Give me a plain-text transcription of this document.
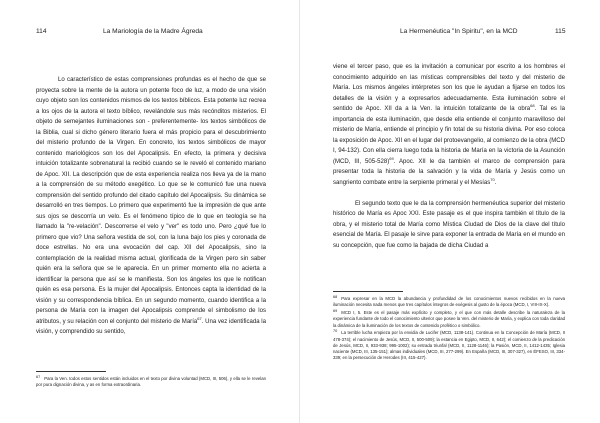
114	La Mariología de la Madre Ágreda

Lo característico de estas comprensiones profundas es el hecho de que se proyecta sobre la mente de la autora un potente foco de luz, a modo de una visión cuyo objeto son los contenidos mismos de los textos bíblicos. Esta potente luz recrea a los ojos de la autora el texto bíblico, revelándole sus más recónditos misterios. El objeto de semejantes iluminaciones son - preferentemente- los textos simbólicos de la Biblia, cual si dicho género literario fuera el más propicio para el descubrimiento del misterio profundo de la Virgen. En concreto, los textos simbólicos de mayor contenido mariológicos son los del Apocalipsis. En efecto, la primera y decisiva intuición totalizante sobrenatural la recibió cuando se le reveló el contenido mariano de Apoc. XII. La descripción que de esta experiencia realiza nos lleva ya de la mano a la comprensión de su método exegético. Lo que se le comunicó fue una nueva comprensión del sentido profundo del citado capítulo del Apocalipsis. Su dinámica se desarrolló en tres tiempos. Lo primero que experimentó fue la impresión de que ante sus ojos se descorría un velo. Es el fenómeno típico de lo que en teología se ha llamado la "re-velación". Descorrerse el velo y "ver" es todo uno. Pero ¿qué fue lo primero que vio? Una señora vestida de sol, con la luna bajo los pies y coronada de doce estrellas. No era una evocación del cap. XII del Apocalipsis, sino la contemplación de la realidad misma actual, glorificada de la Virgen pero sin saber quién era la señora que se le aparecía. En un primer momento ella no acierta a identificar la persona que así se le manifiesta. Son los ángeles los que le notifican quién es esa persona. Es la mujer del Apocalipsis. Entonces capta la identidad de la visión y su correspondencia bíblica. En un segundo momento, cuando identifica a la persona de María con la imagen del Apocalipsis comprende el simbolismo de los atributos, y su relación con el conjunto del misterio de María$^{67}$. Una vez identificada la visión, y comprendido su sentido,

67 Para la Ven. todos estos sentidos están incluidos en el texto por divina voluntad (MCD, III, 506), y ella se le revelan por pura dignación divina, y as en forma extraordinaria.

La Hermenéutica "In Spiritu", en la MCD	115

viene el tercer paso, que es la invitación a comunicar por escrito a los hombres el conocimiento adquirido en las místicas comprensibles del texto y del misterio de María. Los mismos ángeles intérpretes son los que le ayudan a fijarse en todos los detalles de la visión y a expresarlos adecuadamente. Esta iluminación sobre el sentido de Apoc. XII da a la Ven. la intuición totalizante de la obra$^{68}$. Tal es la importancia de esta iluminación, que desde ella entiende el conjunto maravilloso del misterio de María, entiende el principio y fin total de su historia divina. Por eso coloca la exposición de Apoc. XII en el lugar del protoevangelio, al comienzo de la obra (MCD I, 94-132). Con ella cierra luego toda la historia de María en la victoria de la Asunción (MCD, III, 505-528)$^{69}$. Apoc. XII le da también el marco de comprensión para presentar toda la historia de la salvación y la vida de María y Jesús como un sangriento combate entre la serpiente primeral y el Mesías$^{70}$.

El segundo texto que le da la comprensión hermenéutica superior del misterio histórico de María es Apoc XXI. Este pasaje es el que inspira también el título de la obra, y el misterio total de María como Mística Ciudad de Dios de la clave del título esencial de María. El pasaje le sirve para exponer la entrada de María en el mundo en su concepción, que fue como la bajada de dicha Ciudad a

68 Para expresar en la MCD la abundancia y profundidad de los conocimientos nuevos recibidos en la nueva iluminación necesita nada menos que tres capítulos íntegros de exégesis al gusto de la época (MCD, I, VIII-IX-X).

69 MCD I, 5. Este es el pasaje más explícito y completo, y el que con más detalle describe la naturaleza de la experiencia fundante de todo el conocimiento ulterior que posee la Ven. del misterio de María, y explica con toda claridad la dinámica de la iluminación de los textos de contenido profético o simbólico.

70 La terrible lucha empieza por la envidia de Lucifer (MCD, 1138-141). Continua en la Concepción de María (MCD, II 478-374); el nacimiento de Jesús, MCD, II, 500-509); la estancia en Egipto, MCD, II, 642); el comienzo de la predicación de Jesús, MCD, II, 933-938; 995-1002); su entrada triunfal (MCD, II, 1128-1146); la Pasión, MCD, II, 1412-1435; Iglesia naciente (MCD, III, 135-151); almas individuales (MCD, III, 277-299). En España (MCD, III, 307-327), en ÉFESO, III, 334-339; en la persecución de Herodes (III, 415-427).
